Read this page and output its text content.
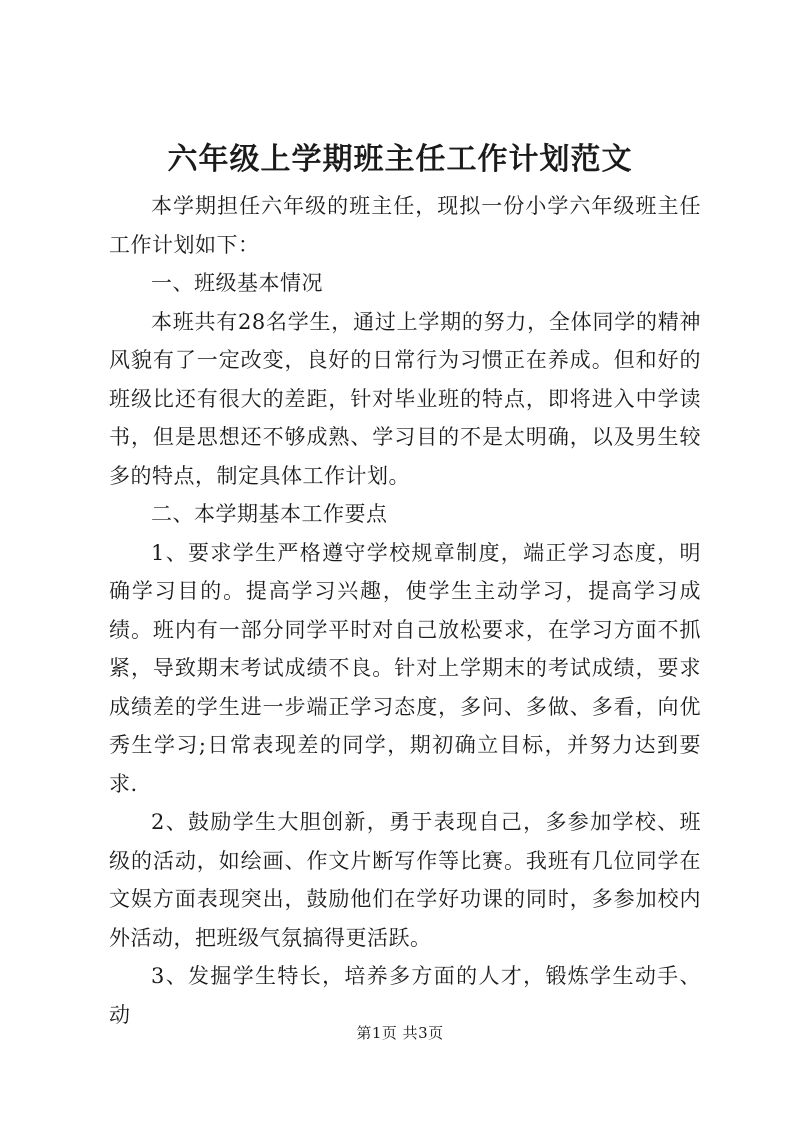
六年级上学期班主任工作计划范文

本学期担任六年级的班主任，现拟一份小学六年级班主任工作计划如下：

一、班级基本情况

本班共有28名学生，通过上学期的努力，全体同学的精神风貌有了一定改变，良好的日常行为习惯正在养成。但和好的班级比还有很大的差距，针对毕业班的特点，即将进入中学读书，但是思想还不够成熟、学习目的不是太明确，以及男生较多的特点，制定具体工作计划。

二、本学期基本工作要点

1、要求学生严格遵守学校规章制度，端正学习态度，明确学习目的。提高学习兴趣，使学生主动学习，提高学习成绩。班内有一部分同学平时对自己放松要求，在学习方面不抓紧，导致期末考试成绩不良。针对上学期末的考试成绩，要求成绩差的学生进一步端正学习态度，多问、多做、多看，向优秀生学习;日常表现差的同学，期初确立目标，并努力达到要求.

2、鼓励学生大胆创新，勇于表现自己，多参加学校、班级的活动，如绘画、作文片断写作等比赛。我班有几位同学在文娱方面表现突出，鼓励他们在学好功课的同时，多参加校内外活动，把班级气氛搞得更活跃。

3、发掘学生特长，培养多方面的人才，锻炼学生动手、动

第1页 共3页
